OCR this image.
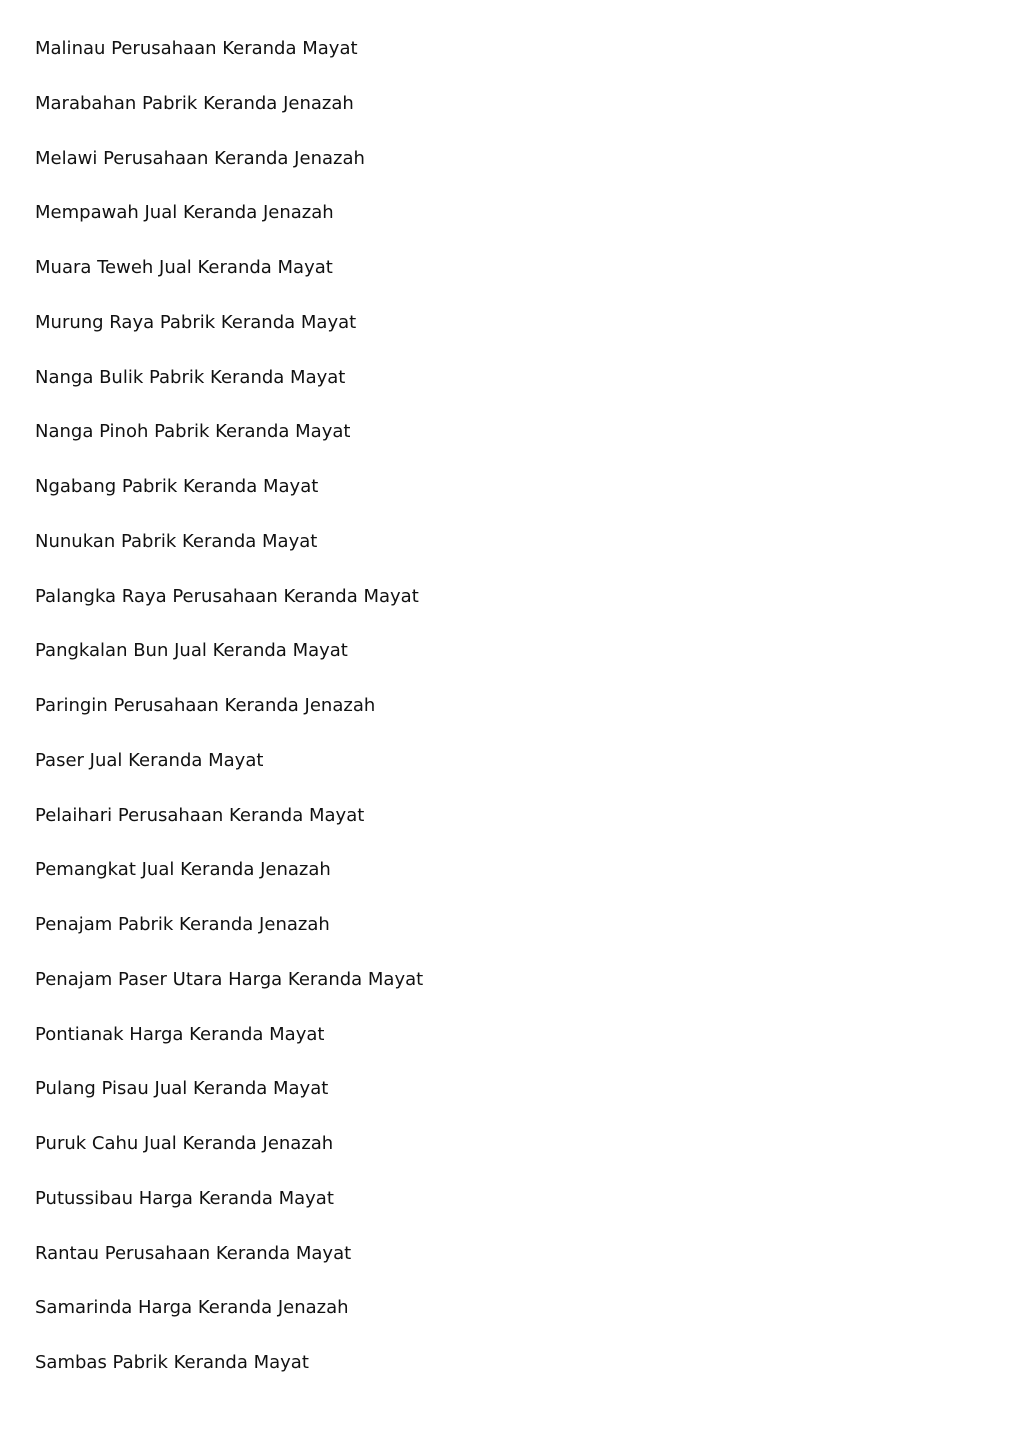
Malinau Perusahaan Keranda Mayat
Marabahan Pabrik Keranda Jenazah
Melawi Perusahaan Keranda Jenazah
Mempawah Jual Keranda Jenazah
Muara Teweh Jual Keranda Mayat
Murung Raya Pabrik Keranda Mayat
Nanga Bulik Pabrik Keranda Mayat
Nanga Pinoh Pabrik Keranda Mayat
Ngabang Pabrik Keranda Mayat
Nunukan Pabrik Keranda Mayat
Palangka Raya Perusahaan Keranda Mayat
Pangkalan Bun Jual Keranda Mayat
Paringin Perusahaan Keranda Jenazah
Paser Jual Keranda Mayat
Pelaihari Perusahaan Keranda Mayat
Pemangkat Jual Keranda Jenazah
Penajam Pabrik Keranda Jenazah
Penajam Paser Utara Harga Keranda Mayat
Pontianak Harga Keranda Mayat
Pulang Pisau Jual Keranda Mayat
Puruk Cahu Jual Keranda Jenazah
Putussibau Harga Keranda Mayat
Rantau Perusahaan Keranda Mayat
Samarinda Harga Keranda Jenazah
Sambas Pabrik Keranda Mayat
